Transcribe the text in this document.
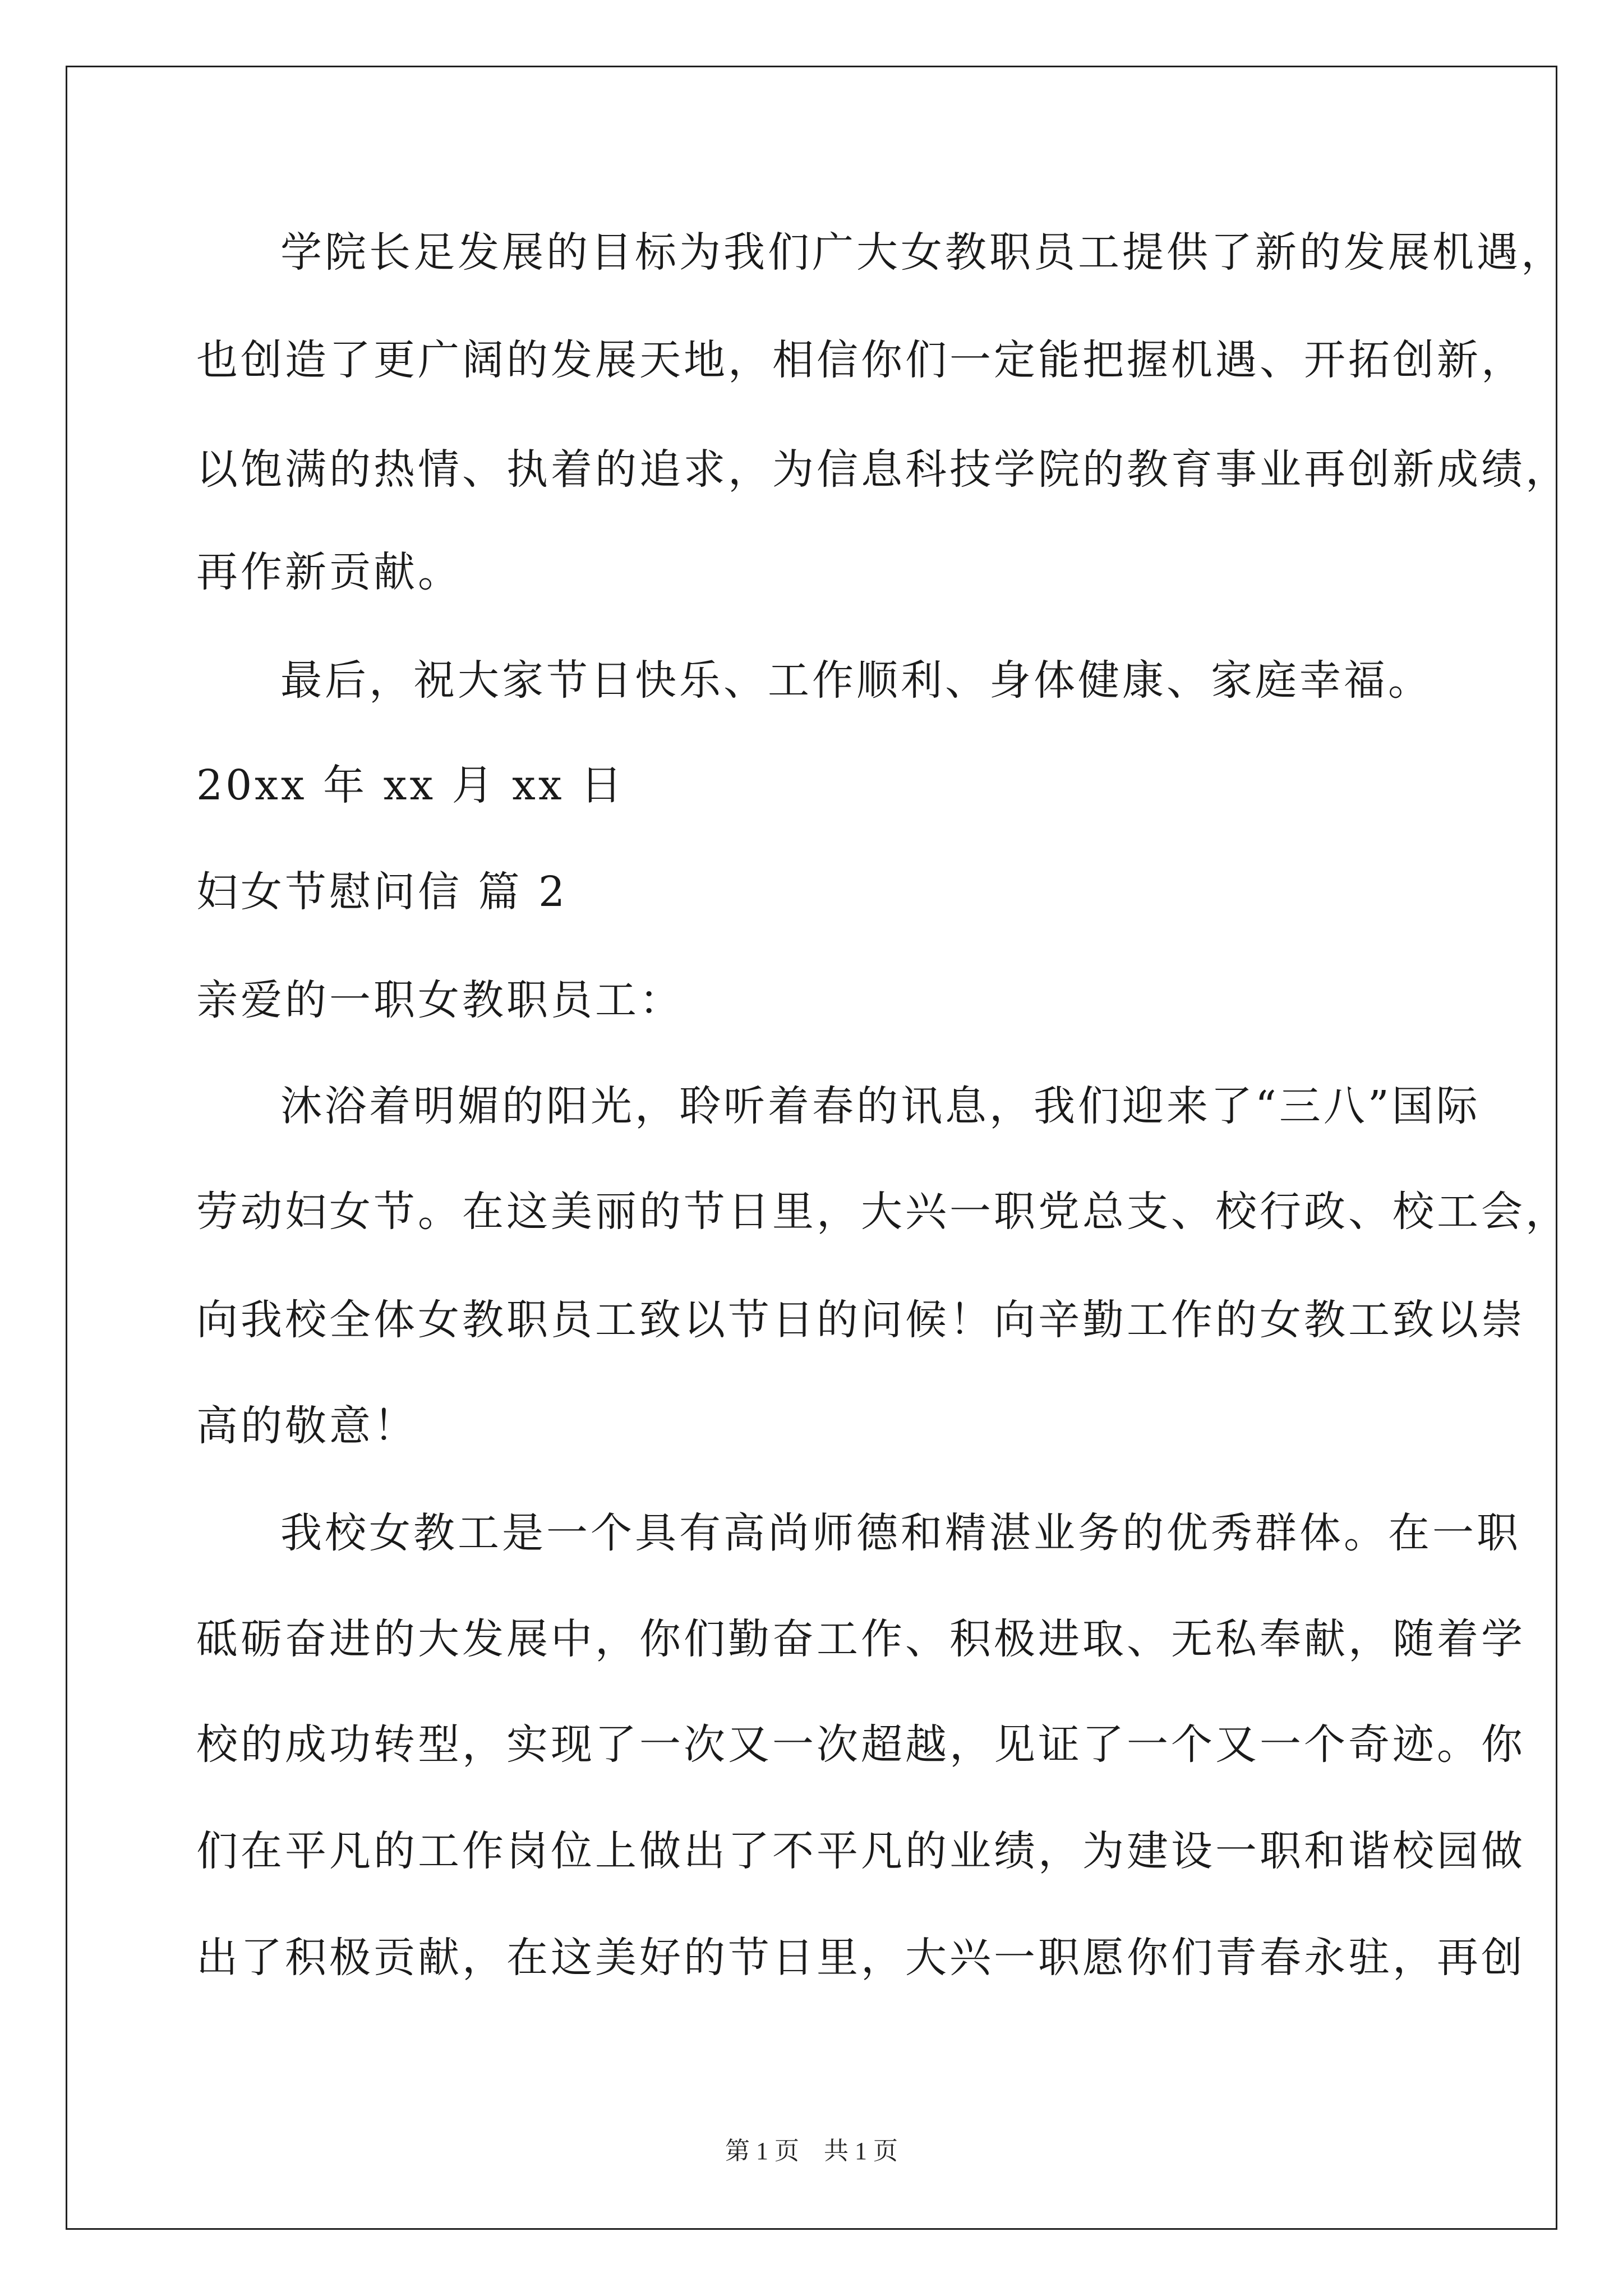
学院长足发展的目标为我们广大女教职员工提供了新的发展机遇，
也创造了更广阔的发展天地，相信你们一定能把握机遇、开拓创新，
以饱满的热情、执着的追求，为信息科技学院的教育事业再创新成绩，
再作新贡献。
最后，祝大家节日快乐、工作顺利、身体健康、家庭幸福。
20xx 年 xx 月 xx 日
妇女节慰问信 篇 2
亲爱的一职女教职员工：
沐浴着明媚的阳光，聆听着春的讯息，我们迎来了“三八”国际
劳动妇女节。在这美丽的节日里，大兴一职党总支、校行政、校工会，
向我校全体女教职员工致以节日的问候！向辛勤工作的女教工致以崇
高的敬意！
我校女教工是一个具有高尚师德和精湛业务的优秀群体。在一职
砥砺奋进的大发展中，你们勤奋工作、积极进取、无私奉献，随着学
校的成功转型，实现了一次又一次超越，见证了一个又一个奇迹。你
们在平凡的工作岗位上做出了不平凡的业绩，为建设一职和谐校园做
出了积极贡献，在这美好的节日里，大兴一职愿你们青春永驻，再创
第 1 页　共 1 页
